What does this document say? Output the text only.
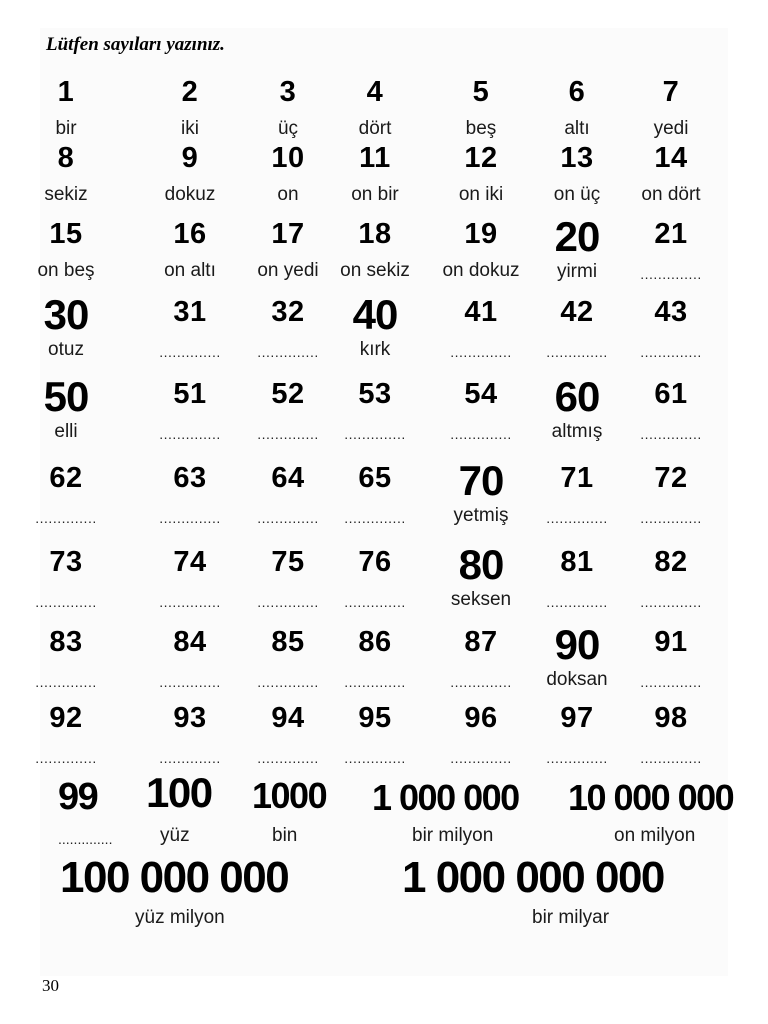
Lütfen sayıları yazınız.
1
bir
2
iki
3
üç
4
dört
5
beş
6
altı
7
yedi
8
sekiz
9
dokuz
10
on
11
on bir
12
on iki
13
on üç
14
on dört
15
on beş
16
on altı
17
on yedi
18
on sekiz
19
on dokuz
20
yirmi
21
..............
30
otuz
31
..............
32
..............
40
kırk
41
..............
42
..............
43
..............
50
elli
51
..............
52
..............
53
..............
54
..............
60
altmış
61
..............
62
..............
63
..............
64
..............
65
..............
70
yetmiş
71
..............
72
..............
73
..............
74
..............
75
..............
76
..............
80
seksen
81
..............
82
..............
83
..............
84
..............
85
..............
86
..............
87
..............
90
doksan
91
..............
92
..............
93
..............
94
..............
95
..............
96
..............
97
..............
98
..............
99
..............
100
yüz
1000
bin
1 000 000
bir milyon
10 000 000
on milyon
100 000 000
yüz milyon
1 000 000 000
bir milyar
30
